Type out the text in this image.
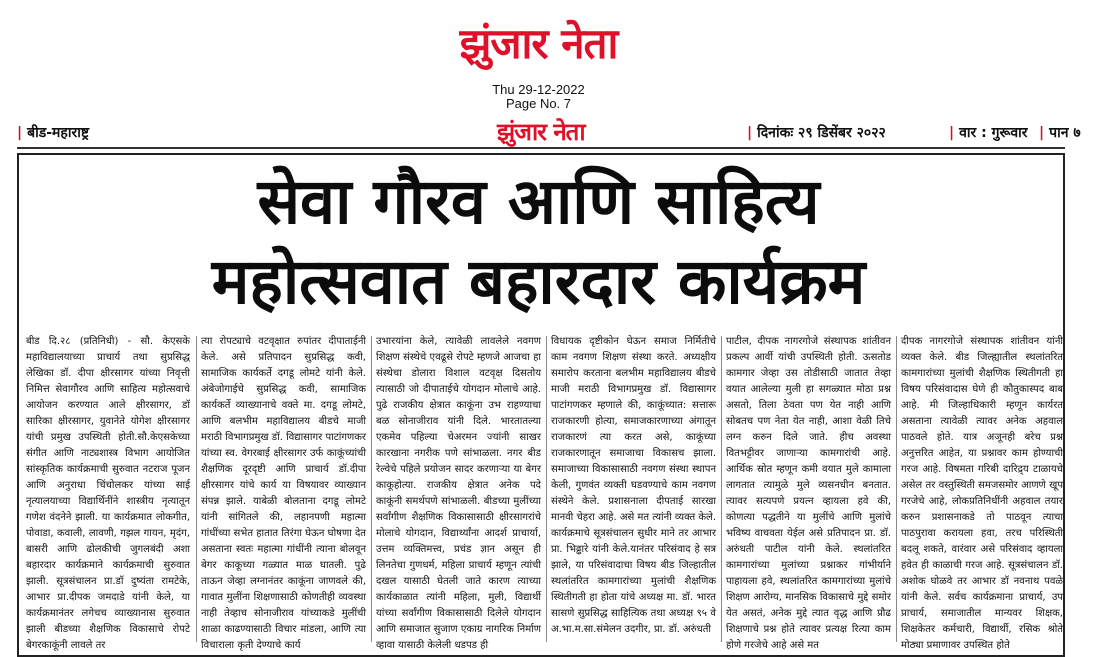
झुंजार नेता
Thu 29-12-2022
Page No. 7
| बीड-महाराष्ट्र	झुंजार नेता	| दिनांकः २९ डिसेंबर २०२२	| वार : गुरूवार | पान ७
सेवा गौरव आणि साहित्य
महोत्सवात बहारदार कार्यक्रम

बीड दि.२८ (प्रतिनिधी) - सौ. केएसके महाविद्यालयाच्या प्राचार्य तथा सुप्रसिद्ध लेखिका डॉ. दीपा क्षीरसागर यांच्या निवृत्ती निमित्त सेवागौरव आणि साहित्य महोत्सवाचे आयोजन करण्यात आले क्षीरसागर, डॉ सारिका क्षीरसागर, युवानेते योगेश क्षीरसागर यांची प्रमुख उपस्थिती होती.सौ.केएसकेच्या संगीत आणि नाट्यशास्त्र विभाग आयोजित सांस्कृतिक कार्यक्रमाची सुरुवात नटराज पूजन आणि अनुराधा चिंचोलकर यांच्या साई नृत्यालयाच्या विद्यार्थिनींने शास्त्रीय नृत्यातून गणेश वंदनेने झाली. या कार्यक्रमात लोकगीत, पोवाडा, कवाली, लावणी, गझल गायन, मृदंग, बासरी आणि ढोलकीची जुगलबंदी अशा बहारदार कार्यक्रमाने कार्यक्रमाची सुरुवात झाली. सूत्रसंचालन प्रा.डॉ दुष्यंता रामटेके, आभार प्रा.दीपक जमदाडे यांनी केले, या कार्यक्रमानंतर लगेचच व्याख्यानास सुरुवात झाली बीडच्या शैक्षणिक विकासाचे रोपटे बेगरकाकूंनी लावले तर

त्या रोपट्याचे वटवृक्षात रुपांतर दीपाताईनी केले. असे प्रतिपादन सुप्रसिद्ध कवी, सामाजिक कार्यकर्ते दगडू लोमटे यांनी केले. अंबेजोगाईचे सुप्रसिद्ध कवी, सामाजिक कार्यकर्ते व्याख्यानाचे वक्ते मा. दगडू लोमटे, आणि बलभीम महाविद्यालय बीडचे माजी मराठी विभागप्रमुख डॉ. विद्यासागर पाटांगणकर यांच्या स्व. वेगरबाई क्षीरसागर उर्फ काकूंच्यांची शैक्षणिक दूरदृष्टी आणि प्राचार्य डॉ.दीपा क्षीरसागर यांचे कार्य या विषयावर व्याख्यान संपन्न झाले. याबेळी बोलताना दगडू लोमटे यांनी सांगितले की, लहानपणी महात्मा गांधींच्या सभेत हातात तिरंगा घेऊन घोषणा देत असताना स्वतः महात्मा गांधींनी त्याना बोलवून बेगर काकूच्या गळ्यात माळ घातली. पुढे ताऊन जेव्हा लग्नानंतर काकूंना जाणवले की, गावात मुलींना शिक्षणासाठी कोणतीही व्यवस्था नाही तेव्हाच सोनाजीराव यांच्याकडे मुलींची शाळा काढण्यासाठी विचार मांडला, आणि त्या विचाराला कृती देण्याचे कार्य

उभारयांना केले, त्यावेळी लावलेले नवगण शिक्षण संस्थेचे एवढूसे रोपटे म्हणजे आजचा हा संस्थेचा डोलारा विशाल वटवृक्ष दिसतोय त्यासाठी जो दीपाताईचे योगदान मोलाचे आहे. पुढे राजकीय क्षेत्रात काकूंना उभ राहण्याचा बळ सोनाजीराव यांनी दिले. भारतातल्या एकमेव पहिल्या चेअरमन ज्यांनी साखर कारखाना नगरीक पणे सांभाळला. नगर बीड रेल्वेचे पहिले प्रयोजन सादर करणाऱ्या या बेगर काकूहोत्या. राजकीय क्षेत्रात अनेक पदे काकूंनी समर्थपणे सांभाळली. बीडच्या मुलींच्या सर्वांगीण शैक्षणिक विकासासाठी क्षीरसागरांचे मोलाचे योगदान, विद्यार्थ्यांना आदर्श प्राचार्या, उत्तम व्यक्तिमत्त्व, प्रचंड ज्ञान असून ही लिनतेचा गुणधर्म, महिला प्राचार्य म्हणून त्यांची दखल यासाठी घेतली जाते कारण त्याच्या कार्यकाळात त्यांनी महिला, मुली, विद्यार्थी यांच्या सर्वांगीण विकासासाठी दिलेले योगदान आणि समाजात सुजाण एकाग्र नागरिक निर्माण व्हावा यासाठी केलेली धडपड ही

विधायक दृष्टीकोन घेऊन समाज निर्मितीचे काम नवगण शिक्षण संस्था करते. अध्यक्षीय समारोप करताना बलभीम महाविद्यालय बीडचे माजी मराठी विभागप्रमुख डॉ. विद्यासागर पाटांगणकर म्हणाले की, काकूंच्यात: सत्तारू राजकारणी होत्या, समाजकारणाच्या अंगातून राजकारणं त्या करत असे, काकूंच्या राजकारणातून समाजाचा विकासच झाला. समाजाच्या विकासासाठी नवगण संस्था स्थापन केली, गुणवंत व्यक्ती घडवण्याचे काम नवगण संस्थेने केले. प्रशासनाला दीपताई सारखा मानवी चेहरा आहे. असे मत त्यांनी व्यक्त केले. कार्यक्रमाचे सूत्रसंचालन सुधीर माने तर आभार प्रा. भिढ्ढारे यांनी केले.यानंतर परिसंवाद हे सत्र झाले, या परिसंवादाचा विषय बीड जिल्हातील स्थलांतरित कामगारांच्या मुलांची शैक्षणिक स्थितीगती हा होता यांचे अध्यक्ष मा. डॉ. भारत सासणे सुप्रसिद्ध साहित्यिक तथा अध्यक्ष ९५ वे अ.भा.म.सा.संमेलन उदगीर, प्रा. डॉ. अरुंधती

पाटील, दीपक नागरगोजे संस्थापक शांतीवन प्रकल्प आर्वी यांची उपस्थिती होती. ऊसतोड कामगार जेव्हा उस तोडीसाठी जातात तेव्हा वयात आलेल्या मुली हा सगळ्यात मोठा प्रश्न असतो, तिला ठेवता पण येत नाही आणि सोबतच पण नेता येत नाही, आशा वेळी तिचे लग्न करुन दिले जाते. हीच अवस्था वितभट्टीवर जाणाऱ्या कामगारांची आहे. आर्थिक स्रोत म्हणून कमी वयात मुले कामाला लागतात त्यामुळे मुले व्यसनधीन बनतात. त्यावर सत्यपणे प्रयत्न व्हायला हवे की, कोणत्या पद्धतीने या मुलींचे आणि मुलांचे भविष्य वाचवता येईल असे प्रतिपादन प्रा. डॉ. अरुंधती पाटील यांनी केले. स्थलांतरित कामगारांच्या मुलांच्या प्रश्नाकर गांभीर्याने पाहायला हवे, स्थलांतरित कामगारांच्या मुलांचे शिक्षण आरोग्य, मानसिक विकासाचे मुद्दे समोर येत असतं, अनेक मुद्दे त्यात वृद्ध आणि प्रौढ शिक्षणाचे प्रश्न होते त्यावर प्रत्यक्ष रित्या काम होणे गरजेचे आहे असे मत

दीपक नागरगोजे संस्थापक शांतीवन यांनी व्यक्त केले. बीड जिल्ह्यातील स्थलांतरित कामगारांच्या मुलांची शैक्षणिक स्थितीगती हा विषय परिसंवादास घेणे ही कौतुकास्पद बाब आहे. मी जिल्हाधिकारी म्हणून कार्यरत असताना त्यावेळी त्यावर अनेक अहवाल पाठवले होते. यात्र अजूनही बरेच प्रश्न अनुत्तरित आहेत, या प्रश्नावर काम होण्याची गरज आहे. विषमता गरिबी दारिद्र्य टाळायचे असेल तर वस्तुस्थिती समजसमोर आणणे खूप गरजेचे आहे, लोकप्रतिनिधींनी अहवाल तयार करुन प्रशासनाकडे तो पाठवून त्याचा पाठपुरावा करायला हवा, तरच परिस्थिती बदलू शकते, वारंवार असे परिसंवाद व्हायला हवेत ही काळाची गरज आहे. सूत्रसंचालन डॉ. अशोक घोळवे तर आभार डॉ नवनाथ पवळे यांनी केले. सर्वच कार्यक्रमाना प्राचार्य, उप प्राचार्य, समाजातील मान्यवर शिक्षक, शिक्षकेतर कर्मचारी, विद्यार्थी, रसिक श्रोते मोठ्या प्रमाणावर उपस्थित होते
